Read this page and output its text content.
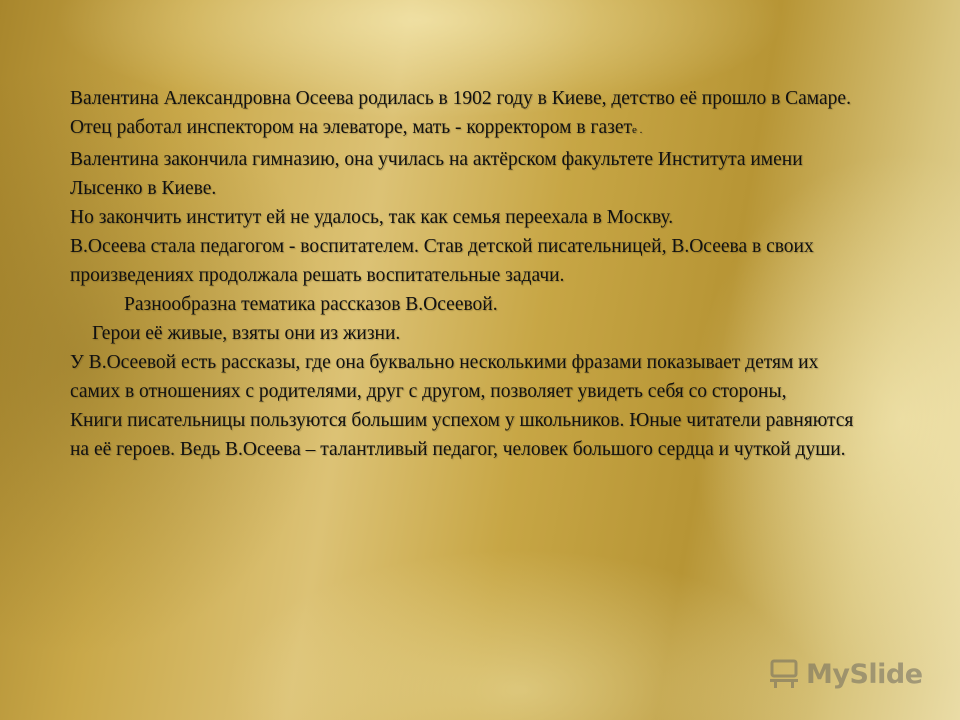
Валентина Александровна Осеева родилась в 1902 году в Киеве, детство её прошло в Самаре. Отец работал инспектором на элеваторе, мать - корректором в газете .

Валентина закончила гимназию, она училась на актёрском факультете Института имени Лысенко в Киеве.

Но закончить институт ей не удалось, так как семья переехала в Москву.

В.Осеева стала педагогом - воспитателем. Став детской писательницей, В.Осеева в своих произведениях продолжала решать воспитательные задачи.

Разнообразна тематика рассказов В.Осеевой.

Герои её живые, взяты они из жизни.

У В.Осеевой есть рассказы, где она буквально несколькими фразами показывает детям их самих в отношениях с родителями, друг с другом, позволяет увидеть себя со стороны,

Книги писательницы пользуются большим успехом у школьников. Юные читатели равняются на её героев. Ведь В.Осеева – талантливый педагог, человек большого сердца и чуткой души.

MySlide
